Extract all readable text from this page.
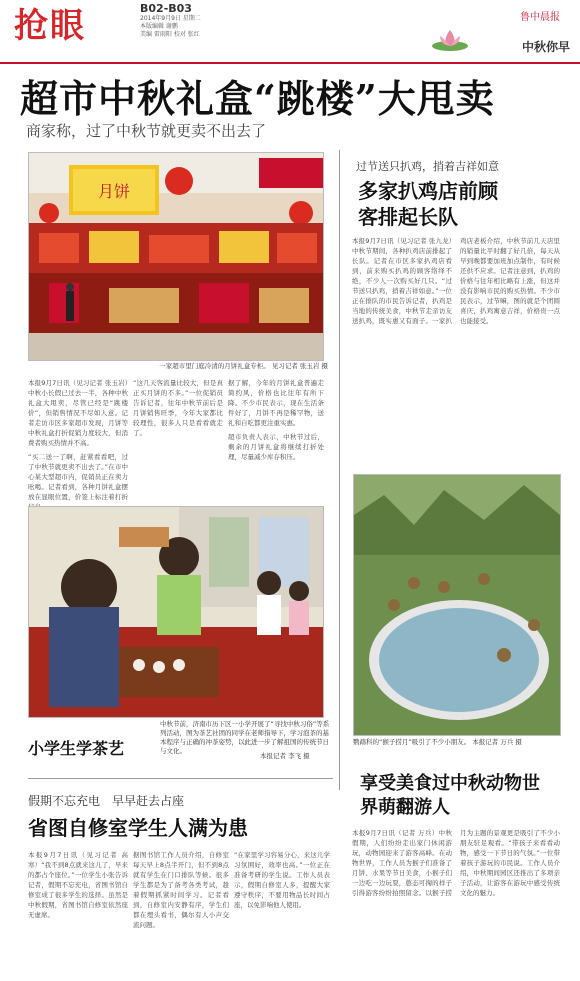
抢眼	B02-B03
2014年9月9日 星期二
本版编辑 谢鹏
美编 雷雨阳 校对 张红
鲁中晨报
中秋你早
超市中秋礼盒“跳楼”大甩卖
商家称，过了中秋节就更卖不出去了
月饼
一家超市里门庭冷清的月饼礼盒专柜。 见习记者 张玉岩 摄
本报9月7日讯（见习记者 张玉岩）中秋小长假已过去一半，各种中秋礼盒大甩卖，尽管已经是“跳楼价”，但销售情况不尽如人意。记者走访市区多家超市发现，月饼等中秋礼盒打折促销力度较大，但消费者购买热情并不高。
“买二送一了啊，赶紧看看吧，过了中秋节就更卖不出去了。”在市中心某大型超市内，促销员正在卖力吆喝。记者看到，各种月饼礼盒摆放在显眼位置，价签上标注着打折
“这几天客流量比较大，但是真正买月饼的不多。”一位促销员告诉记者，往年中秋节前后是月饼销售旺季，今年大家都比较理性，很多人只是看看就走了。
据了解，今年的月饼礼盒普遍走简约风，价格也比往年有所下降。不少市民表示，现在生活条件好了，月饼不再是稀罕物，送礼和自吃都更注重实惠。
超市负责人表示，中秋节过后，剩余的月饼礼盒将继续打折处理，尽量减少库存积压。
过节送只扒鸡，捎着吉祥如意
多家扒鸡店前顾客排起长队
本报9月7日讯（见习记者 张九龙）中秋节期间，各种扒鸡店前排起了长队。记者在市区多家扒鸡店看到，前来购买扒鸡的顾客络绎不绝，不少人一次购买好几只。“过节送只扒鸡，捎着吉祥如意。”一位正在排队的市民告诉记者，扒鸡是当地的传统美食，中秋节走亲访友送扒鸡，既实惠又有面子。一家扒鸡店老板介绍，中秋节前几天店里的销量比平时翻了好几倍，每天从早到晚都要加班加点制作，有时候还供不应求。记者注意到，扒鸡的价格与往年相比略有上涨，但这并没有影响市民的购买热情。不少市民表示，过节嘛，图的就是个团圆喜庆，扒鸡寓意吉祥，价格贵一点也能接受。
小学生学茶艺
中秋节前，济南市历下区一小学开展了“寻找中秋习俗”等系列活动，图为茶艺社团的同学在老师指导下，学习泡茶的基本程序与正确的冲茶姿势，以此进一步了解祖国的传统节日与文化。
本报记者 李飞 摄
鹦鹉科的“猴子捞月”吸引了不少小朋友。 本报记者 万兵 摄
享受美食过中秋动物世界萌翻游人
本报9月7日讯（记者 万兵）中秋假期，人们纷纷走出家门休闲游玩，动物园迎来了游客高峰。在动物世界，工作人员为猴子们准备了月饼、水果等节日美食，小猴子们一边吃一边玩耍，憨态可掬的样子引得游客纷纷拍照留念。以猴子捞月为主题的景观更是吸引了不少小朋友驻足观看。“带孩子来看看动物，感受一下节日的气氛。”一位带着孩子游玩的市民说。工作人员介绍，中秋期间园区还推出了多项亲子活动，让游客在游玩中感受传统文化的魅力。
假期不忘充电　早早赶去占座
省图自修室学生人满为患
本报9月7日讯（见习记者 高寒）“我不到8点就来这儿了，早来的都占个座位。”一位学生小张告诉记者，假期不忘充电，省图书馆自修室成了很多学生的选择。虽然是中秋假期，省图书馆自修室依然座无虚席。
据图书馆工作人员介绍，自修室每天早上8点半开门，但不到8点就有学生在门口排队等候。很多学生都是为了备考各类考试，趁着假期抓紧时间学习。记者看到，自修室内安静有序，学生们都在埋头看书，偶尔有人小声交流问题。
“在家里学习容易分心，来这儿学习氛围好，效率也高。”一位正在准备考研的学生说。工作人员表示，假期自修室人多，提醒大家遵守秩序，不要用物品长时间占座，以免影响他人使用。
